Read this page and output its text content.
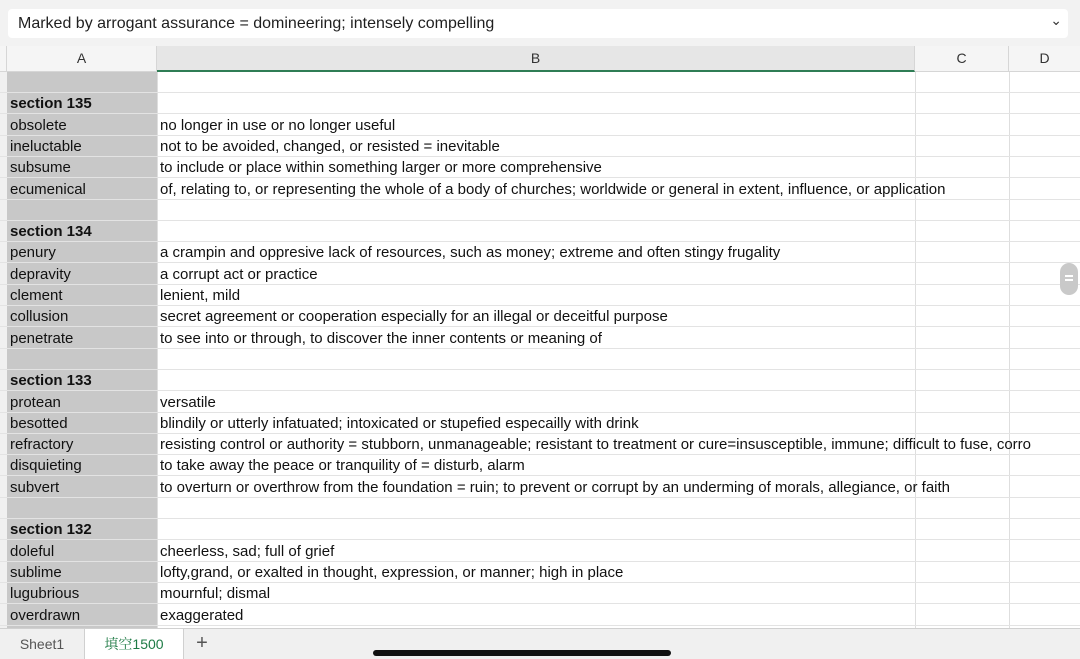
Marked by arrogant assurance = domineering; intensely compelling	⌄
A	B	C	D
section 135
obsolete	no longer in use or no longer useful
ineluctable	not to be avoided, changed, or resisted = inevitable
subsume	to include or place within something larger or more comprehensive
ecumenical	of, relating to, or representing the whole of a body of churches; worldwide or general in extent, influence, or application
section 134
penury	a crampin and oppresive lack of resources, such as money; extreme and often stingy frugality
depravity	a corrupt act or practice
clement	lenient, mild
collusion	secret agreement or cooperation especially for an illegal or deceitful purpose
penetrate	to see into or through, to discover the inner contents or meaning of
section 133
protean	versatile
besotted	blindily or utterly infatuated; intoxicated or stupefied especailly with drink
refractory	resisting control or authority = stubborn, unmanageable; resistant to treatment or cure=insusceptible, immune; difficult to fuse, corro
disquieting	to take away the peace or tranquility of = disturb, alarm
subvert	to overturn or overthrow from the foundation = ruin; to prevent or corrupt by an underming of morals, allegiance, or faith
section 132
doleful	cheerless, sad; full of grief
sublime	lofty,grand, or exalted in thought, expression, or manner; high in place
lugubrious	mournful; dismal
overdrawn	exaggerated
Sheet1	填空1500	+
